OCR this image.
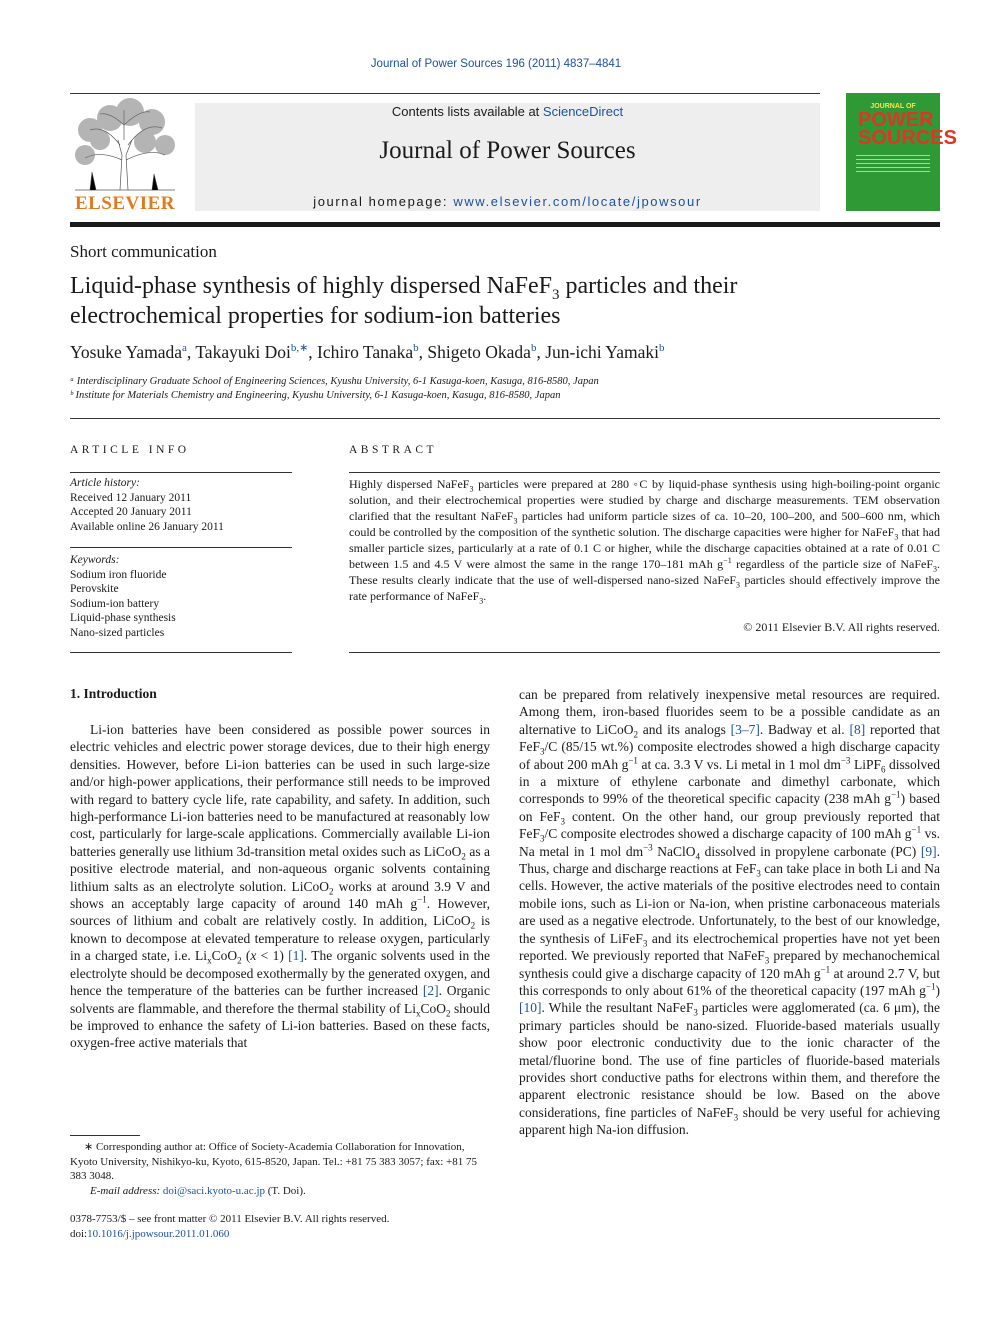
Journal of Power Sources 196 (2011) 4837–4841
ELSEVIER
Contents lists available at ScienceDirect
Journal of Power Sources
journal homepage: www.elsevier.com/locate/jpowsour
JOURNAL OF
POWER SOURCES
Short communication
Liquid-phase synthesis of highly dispersed NaFeF$_3$ particles and their electrochemical properties for sodium-ion batteries
Yosuke Yamada$^a$, Takayuki Doi$^{b,∗}$, Ichiro Tanaka$^b$, Shigeto Okada$^b$, Jun-ichi Yamaki$^b$
ᵃ Interdisciplinary Graduate School of Engineering Sciences, Kyushu University, 6-1 Kasuga-koen, Kasuga, 816-8580, Japan
ᵇ Institute for Materials Chemistry and Engineering, Kyushu University, 6-1 Kasuga-koen, Kasuga, 816-8580, Japan
ARTICLE INFO
Article history:
Received 12 January 2011
Accepted 20 January 2011
Available online 26 January 2011
Keywords:
Sodium iron fluoride
Perovskite
Sodium-ion battery
Liquid-phase synthesis
Nano-sized particles
ABSTRACT
Highly dispersed NaFeF$_3$ particles were prepared at 280 ◦C by liquid-phase synthesis using high-boiling-point organic solution, and their electrochemical properties were studied by charge and discharge measurements. TEM observation clarified that the resultant NaFeF$_3$ particles had uniform particle sizes of ca. 10–20, 100–200, and 500–600 nm, which could be controlled by the composition of the synthetic solution. The discharge capacities were higher for NaFeF$_3$ that had smaller particle sizes, particularly at a rate of 0.1 C or higher, while the discharge capacities obtained at a rate of 0.01 C between 1.5 and 4.5 V were almost the same in the range 170–181 mAh $g^{-1}$ regardless of the particle size of NaFeF$_3$. These results clearly indicate that the use of well-dispersed nano-sized NaFeF$_3$ particles should effectively improve the rate performance of NaFeF$_3$.
© 2011 Elsevier B.V. All rights reserved.
1. Introduction

Li-ion batteries have been considered as possible power sources in electric vehicles and electric power storage devices, due to their high energy densities. However, before Li-ion batteries can be used in such large-size and/or high-power applications, their performance still needs to be improved with regard to battery cycle life, rate capability, and safety. In addition, such high-performance Li-ion batteries need to be manufactured at reasonably low cost, particularly for large-scale applications. Commercially available Li-ion batteries generally use lithium 3d-transition metal oxides such as LiCoO$_2$ as a positive electrode material, and non-aqueous organic solvents containing lithium salts as an electrolyte solution. LiCoO$_2$ works at around 3.9 V and shows an acceptably large capacity of around 140 mAh $g^{-1}$. However, sources of lithium and cobalt are relatively costly. In addition, LiCoO$_2$ is known to decompose at elevated temperature to release oxygen, particularly in a charged state, i.e. $Li_xCoO_2$ (x < 1) [1]. The organic solvents used in the electrolyte should be decomposed exothermally by the generated oxygen, and hence the temperature of the batteries can be further increased [2]. Organic solvents are flammable, and therefore the thermal stability of $Li_xCoO_2$ should be improved to enhance the safety of Li-ion batteries. Based on these facts, oxygen-free active materials that

can be prepared from relatively inexpensive metal resources are required. Among them, iron-based fluorides seem to be a possible candidate as an alternative to LiCoO$_2$ and its analogs [3–7]. Badway et al. [8] reported that FeF$_3$/C (85/15 wt.%) composite electrodes showed a high discharge capacity of about 200 mAh $g^{-1}$ at ca. 3.3 V vs. Li metal in 1 mol $dm^{-3}$ LiPF$_6$ dissolved in a mixture of ethylene carbonate and dimethyl carbonate, which corresponds to 99% of the theoretical specific capacity (238 mAh $g^{-1}$) based on FeF$_3$ content. On the other hand, our group previously reported that FeF$_3$/C composite electrodes showed a discharge capacity of 100 mAh $g^{-1}$ vs. Na metal in 1 mol $dm^{-3}$ NaClO$_4$ dissolved in propylene carbonate (PC) [9]. Thus, charge and discharge reactions at FeF$_3$ can take place in both Li and Na cells. However, the active materials of the positive electrodes need to contain mobile ions, such as Li-ion or Na-ion, when pristine carbonaceous materials are used as a negative electrode. Unfortunately, to the best of our knowledge, the synthesis of LiFeF$_3$ and its electrochemical properties have not yet been reported. We previously reported that NaFeF$_3$ prepared by mechanochemical synthesis could give a discharge capacity of 120 mAh $g^{-1}$ at around 2.7 V, but this corresponds to only about 61% of the theoretical capacity (197 mAh $g^{-1}$) [10]. While the resultant NaFeF$_3$ particles were agglomerated (ca. 6 μm), the primary particles should be nano-sized. Fluoride-based materials usually show poor electronic conductivity due to the ionic character of the metal/fluorine bond. The use of fine particles of fluoride-based materials provides short conductive paths for electrons within them, and therefore the apparent electronic resistance should be low. Based on the above considerations, fine particles of NaFeF$_3$ should be very useful for achieving apparent high Na-ion diffusion.

∗ Corresponding author at: Office of Society-Academia Collaboration for Innovation, Kyoto University, Nishikyo-ku, Kyoto, 615-8520, Japan. Tel.: +81 75 383 3057; fax: +81 75 383 3048.
E-mail address: doi@saci.kyoto-u.ac.jp (T. Doi).
0378-7753/$ – see front matter © 2011 Elsevier B.V. All rights reserved.
doi:10.1016/j.jpowsour.2011.01.060
